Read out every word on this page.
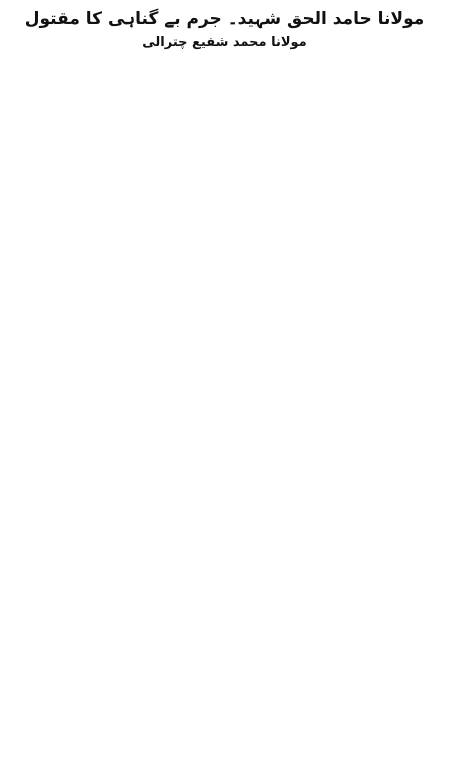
مولانا حامد الحق شہید۔ جرم بے گناہی کا مقتول
مولانا محمد شفیع چترالی
